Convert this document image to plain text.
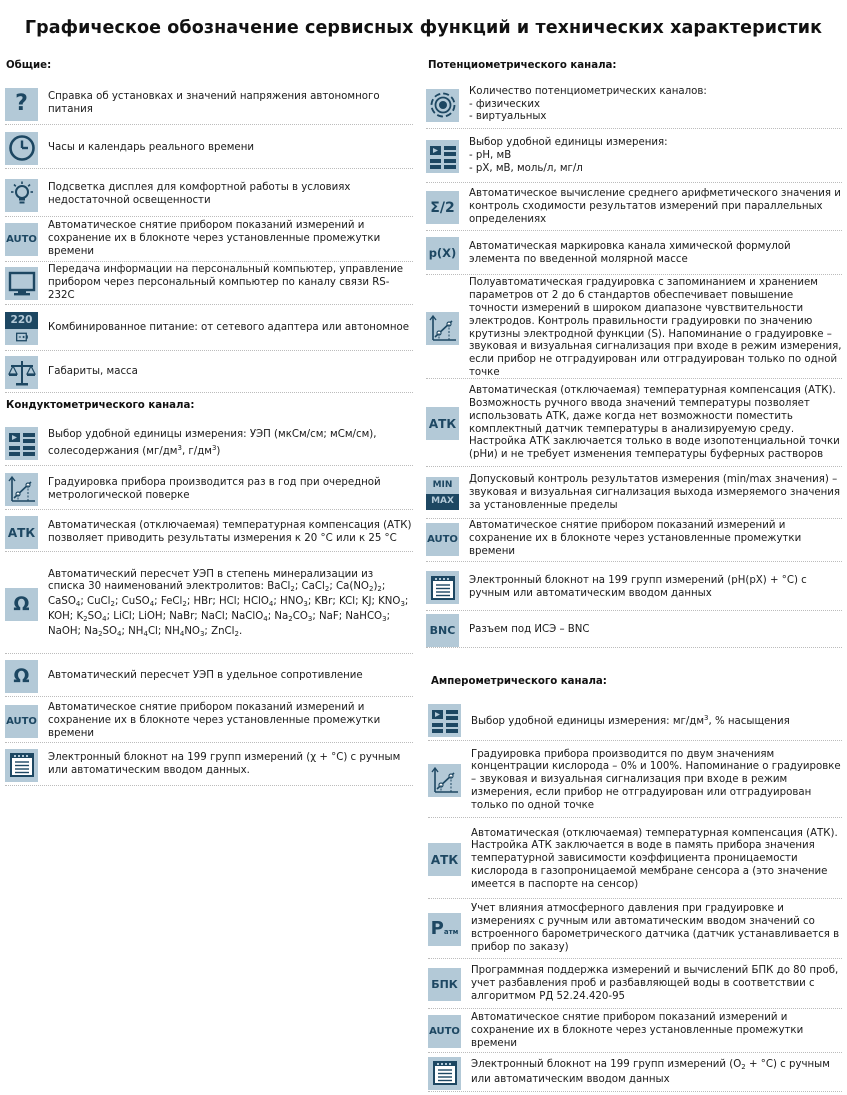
Графическое обозначение сервисных функций и технических характеристик
Общие:
? Справка об установках и значений напряжения автономного питания
Часы и календарь реального времени
Подсветка дисплея для комфортной работы в условиях недостаточной освещенности
AUTO
Автоматическое снятие прибором показаний измерений и сохранение их в блокноте через установленные промежутки времени
Передача информации на персональный компьютер, управление прибором через персональный компьютер по каналу связи RS-232C
220
Комбинированное питание: от сетевого адаптера или автономное
Габариты, масса
Кондуктометрического канала:
Выбор удобной единицы измерения: УЭП (мкСм/см; мСм/см), солесодержания ($мг/дм^3$, $г/дм^3$)
Градуировка прибора производится раз в год при очередной метрологической поверке
АТК
Автоматическая (отключаемая) температурная компенсация (АТК) позволяет приводить результаты измерения к 20 °С или к 25 °С
Ω
Автоматический пересчет УЭП в степень минерализации из списка 30 наименований электролитов: BaCl$_2$; CaCl$_2$; $Ca(NO_2)_2$; CaSO$_4$; CuCl$_2$; CuSO$_4$; FeCl$_2$; HBr; HCl; HClO$_4$; $HNO_3$; KBr; KCl; KJ; $KNO_3$; KOH; $K_2SO_4$; LiCl; LiOH; NaBr; NaCl; NaClO$_4$; $Na_2CO_3$; NaF; NaHCO$_3$; NaOH; $Na_2SO_4$; $NH_4Cl$; $NH_4NO_3$; ZnCl$_2$.
Ω Автоматический пересчет УЭП в удельное сопротивление
AUTO
Автоматическое снятие прибором показаний измерений и сохранение их в блокноте через установленные промежутки времени
Электронный блокнот на 199 групп измерений (χ + °С) с ручным или автоматическим вводом данных.
Потенциометрического канала:
Количество потенциометрических каналов:
- физических
- виртуальных
Выбор удобной единицы измерения:
- pH, мВ
- pX, мВ, моль/л, мг/л
Σ/2
Автоматическое вычисление среднего арифметического значения и контроль сходимости результатов измерений при параллельных определениях
p(X) Автоматическая маркировка канала химической формулой элемента по введенной молярной массе
Полуавтоматическая градуировка с запоминанием и хранением параметров от 2 до 6 стандартов обеспечивает повышение точности измерений в широком диапазоне чувствительности электродов. Контроль правильности градуировки по значению крутизны электродной функции (S). Напоминание о градуировке – звуковая и визуальная сигнализация при входе в режим измерения, если прибор не отградуирован или отградуирован только по одной точке
АТК
Автоматическая (отключаемая) температурная компенсация (АТК). Возможность ручного ввода значений температуры позволяет использовать АТК, даже когда нет возможности поместить комплектный датчик температуры в анализируемую среду. Настройка АТК заключается только в воде изопотенциальной точки (pHи) и не требует изменения температуры буферных растворов
MIN
MAX
Допусковый контроль результатов измерения (min/max значения) – звуковая и визуальная сигнализация выхода измеряемого значения за установленные пределы
AUTO
Автоматическое снятие прибором показаний измерений и сохранение их в блокноте через установленные промежутки времени
Электронный блокнот на 199 групп измерений (pH(pX) + °С) с ручным или автоматическим вводом данных
BNC Разъем под ИСЭ – BNC
Амперометрического канала:
Выбор удобной единицы измерения: $мг/дм^3$, % насыщения
Градуировка прибора производится по двум значениям концентрации кислорода – 0% и 100%. Напоминание о градуировке – звуковая и визуальная сигнализация при входе в режим измерения, если прибор не отградуирован или отградуирован только по одной точке
АТК
Автоматическая (отключаемая) температурная компенсация (АТК). Настройка АТК заключается в воде в память прибора значения температурной зависимости коэффициента проницаемости кислорода в газопроницаемой мембране сенсора а (это значение имеется в паспорте на сенсор)
Pатм
Учет влияния атмосферного давления при градуировке и измерениях с ручным или автоматическим вводом значений со встроенного барометрического датчика (датчик устанавливается в прибор по заказу)
БПК
Программная поддержка измерений и вычислений БПК до 80 проб, учет разбавления проб и разбавляющей воды в соответствии с алгоритмом РД 52.24.420-95
AUTO
Автоматическое снятие прибором показаний измерений и сохранение их в блокноте через установленные промежутки времени
Электронный блокнот на 199 групп измерений $(O_2 + ^\circ С)$ с ручным или автоматическим вводом данных
